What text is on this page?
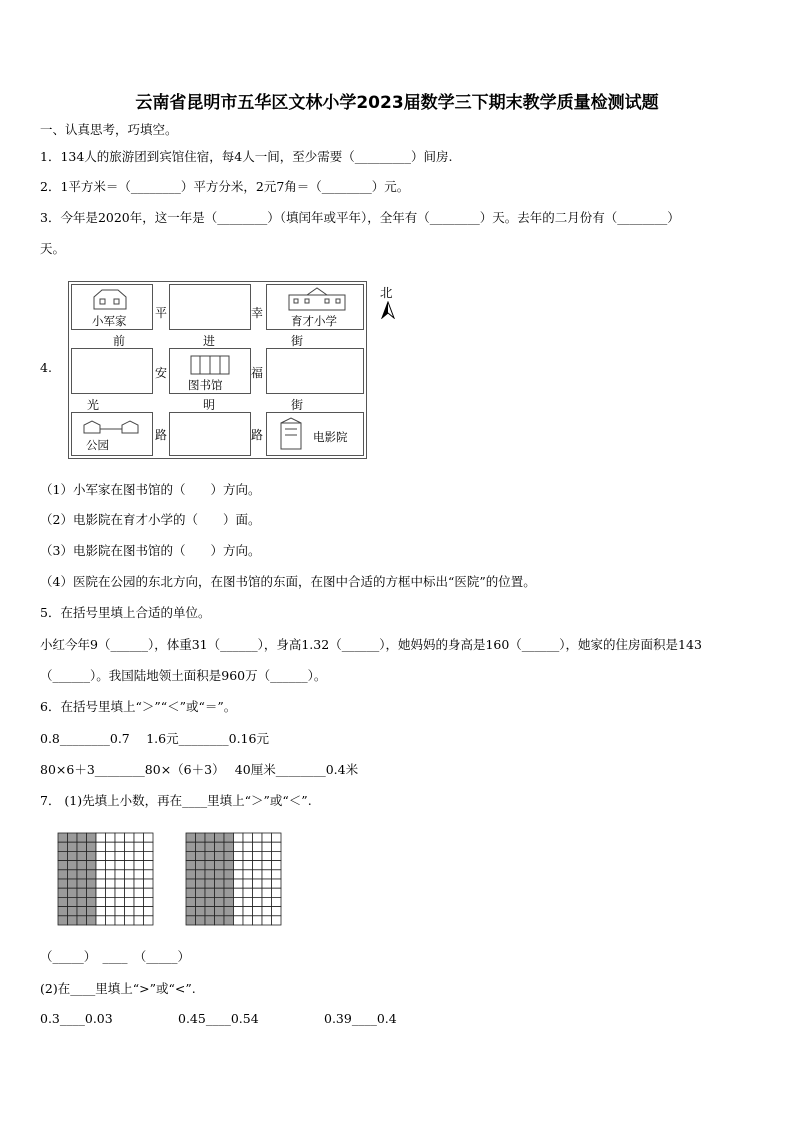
云南省昆明市五华区文林小学2023届数学三下期末教学质量检测试题
一、认真思考，巧填空。
1．134人的旅游团到宾馆住宿，每4人一间，至少需要（_________）间房.
2．1平方米＝（________）平方分米，2元7角＝（________）元。
3．今年是2020年，这一年是（________）（填闰年或平年），全年有（________）天。去年的二月份有（________）
天。
4.
小军家	育才小学
图书馆
公园
电影院
平	幸
前	进	街
安	福
光	明	街
路	路
北
（1）小军家在图书馆的（　　）方向。
（2）电影院在育才小学的（　　）面。
（3）电影院在图书馆的（　　）方向。
（4）医院在公园的东北方向，在图书馆的东面，在图中合适的方框中标出“医院”的位置。
5．在括号里填上合适的单位。
小红今年9（______），体重31（______），身高1.32（______），她妈妈的身高是160（______），她家的住房面积是143
（______）。我国陆地领土面积是960万（______）。
6．在括号里填上“＞”“＜”或“＝”。
0.8________0.7　 1.6元________0.16元
80×6＋3________80×（6＋3）　 40厘米________0.4米
7． (1)先填上小数，再在____里填上“＞”或“＜”.
（_____）　____　（_____）
(2)在____里填上“>”或“<”.
0.3____0.03	0.45____0.54	0.39____0.4
